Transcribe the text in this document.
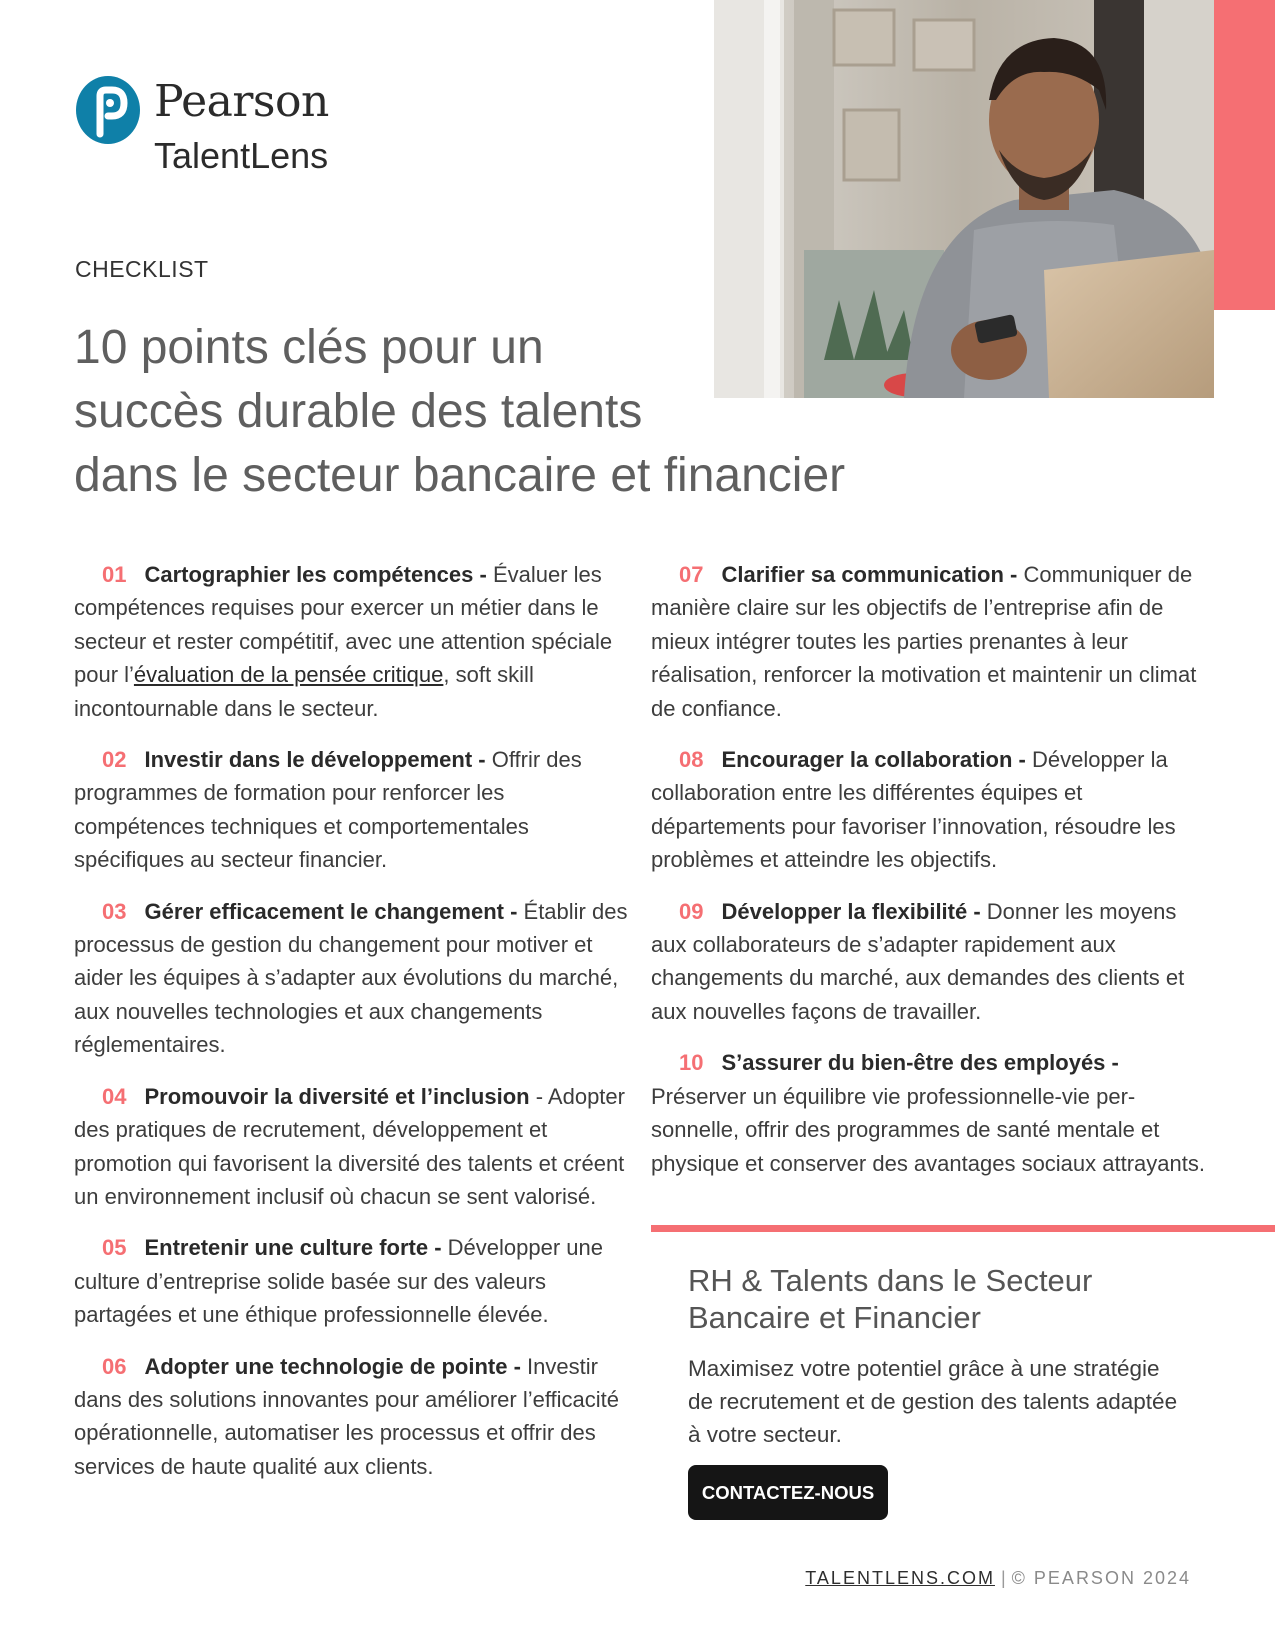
Pearson
TalentLens
CHECKLIST
10 points clés pour un
succès durable des talents
dans le secteur bancaire et financier

01 Cartographier les compétences - Évaluer les compétences requises pour exercer un métier dans le secteur et rester compétitif, avec une attention spéciale pour l’évaluation de la pensée critique, soft skill incontournable dans le secteur.

02 Investir dans le développement - Offrir des programmes de formation pour renforcer les compétences techniques et comportementales spécifiques au secteur financier.

03 Gérer efficacement le changement - Établir des processus de gestion du changement pour motiver et aider les équipes à s’adapter aux évolutions du marché, aux nouvelles technologies et aux changements réglementaires.

04 Promouvoir la diversité et l’inclusion - Adopter des pratiques de recrutement, développement et promotion qui favorisent la diversité des talents et créent un environnement inclusif où chacun se sent valorisé.

05 Entretenir une culture forte - Développer une culture d’entreprise solide basée sur des valeurs partagées et une éthique professionnelle élevée.

06 Adopter une technologie de pointe - Investir dans des solutions innovantes pour améliorer l’efficacité opérationnelle, automatiser les processus et offrir des services de haute qualité aux clients.

07 Clarifier sa communication - Communiquer de manière claire sur les objectifs de l’entreprise afin de mieux intégrer toutes les parties prenantes à leur réalisation, renforcer la motivation et maintenir un climat de confiance.

08 Encourager la collaboration - Développer la collaboration entre les différentes équipes et départements pour favoriser l’innovation, résoudre les problèmes et atteindre les objectifs.

09 Développer la flexibilité - Donner les moyens aux collaborateurs de s’adapter rapidement aux changements du marché, aux demandes des clients et aux nouvelles façons de travailler.

10 S’assurer du bien-être des employés - Préserver un équilibre vie professionnelle-vie personnelle, offrir des programmes de santé mentale et physique et conserver des avantages sociaux attrayants.

RH & Talents dans le Secteur
Bancaire et Financier

Maximisez votre potentiel grâce à une stratégie de recrutement et de gestion des talents adaptée à votre secteur.

CONTACTEZ-NOUS
TALENTLENS.COM | © PEARSON 2024
